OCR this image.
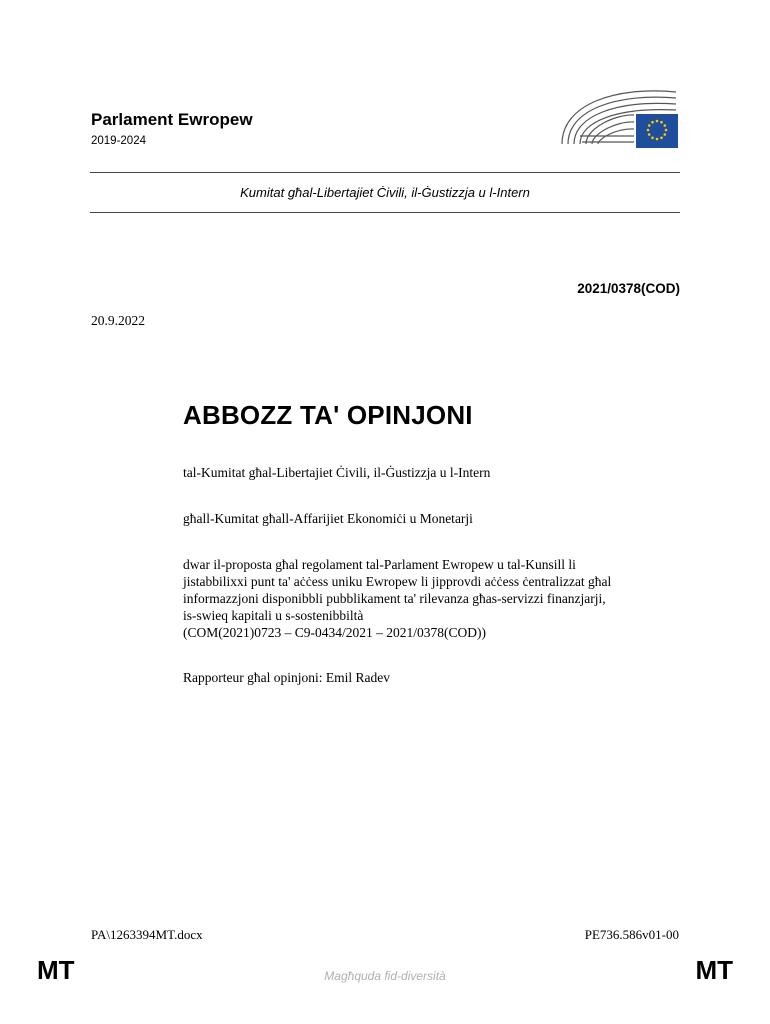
Parlament Ewropew
2019-2024
Kumitat għal-Libertajiet Ċivili, il-Ġustizzja u l-Intern
2021/0378(COD)
20.9.2022
ABBOZZ TA' OPINJONI
tal-Kumitat għal-Libertajiet Ċivili, il-Ġustizzja u l-Intern
għall-Kumitat għall-Affarijiet Ekonomiċi u Monetarji
dwar il-proposta għal regolament tal-Parlament Ewropew u tal-Kunsill li
jistabbilixxi punt ta' aċċess uniku Ewropew li jipprovdi aċċess ċentralizzat għal
informazzjoni disponibbli pubblikament ta' rilevanza għas-servizzi finanzjarji,
is-swieq kapitali u s-sostenibbiltà
(COM(2021)0723 – C9-0434/2021 – 2021/0378(COD))
Rapporteur għal opinjoni: Emil Radev
PA\1263394MT.docx	PE736.586v01-00
MT	Magħquda fid-diversità	MT
